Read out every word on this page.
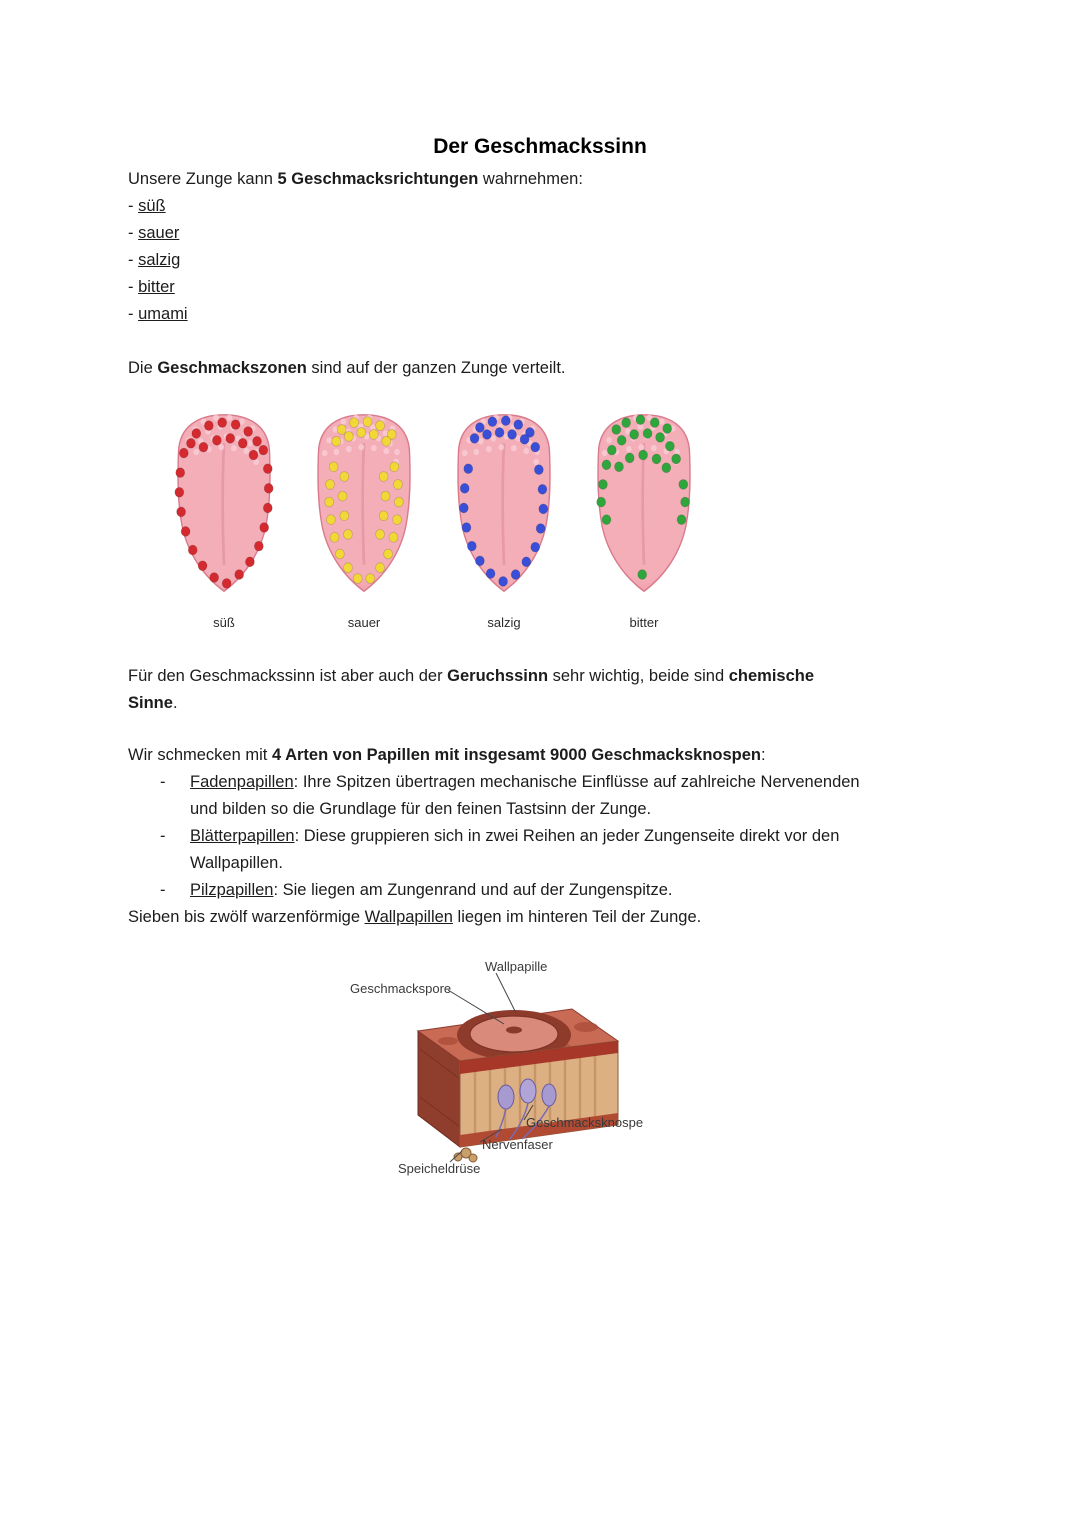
Der Geschmackssinn

Unsere Zunge kann 5 Geschmacksrichtungen wahrnehmen:

- süß

- sauer

- salzig

- bitter

- umami

Die Geschmackszonen sind auf der ganzen Zunge verteilt.

süß	sauer	salzig	bitter

Für den Geschmackssinn ist aber auch der Geruchssinn sehr wichtig, beide sind chemische
Sinne.

Wir schmecken mit 4 Arten von Papillen mit insgesamt 9000 Geschmacksknospen:

-	Fadenpapillen: Ihre Spitzen übertragen mechanische Einflüsse auf zahlreiche Nervenenden und bilden so die Grundlage für den feinen Tastsinn der Zunge.

-	Blätterpapillen: Diese gruppieren sich in zwei Reihen an jeder Zungenseite direkt vor den Wallpapillen.

-	Pilzpapillen: Sie liegen am Zungenrand und auf der Zungenspitze.

Sieben bis zwölf warzenförmige Wallpapillen liegen im hinteren Teil der Zunge.

Wallpapille
Geschmackspore
Geschmacksknospe
Nervenfaser
Speicheldrüse
